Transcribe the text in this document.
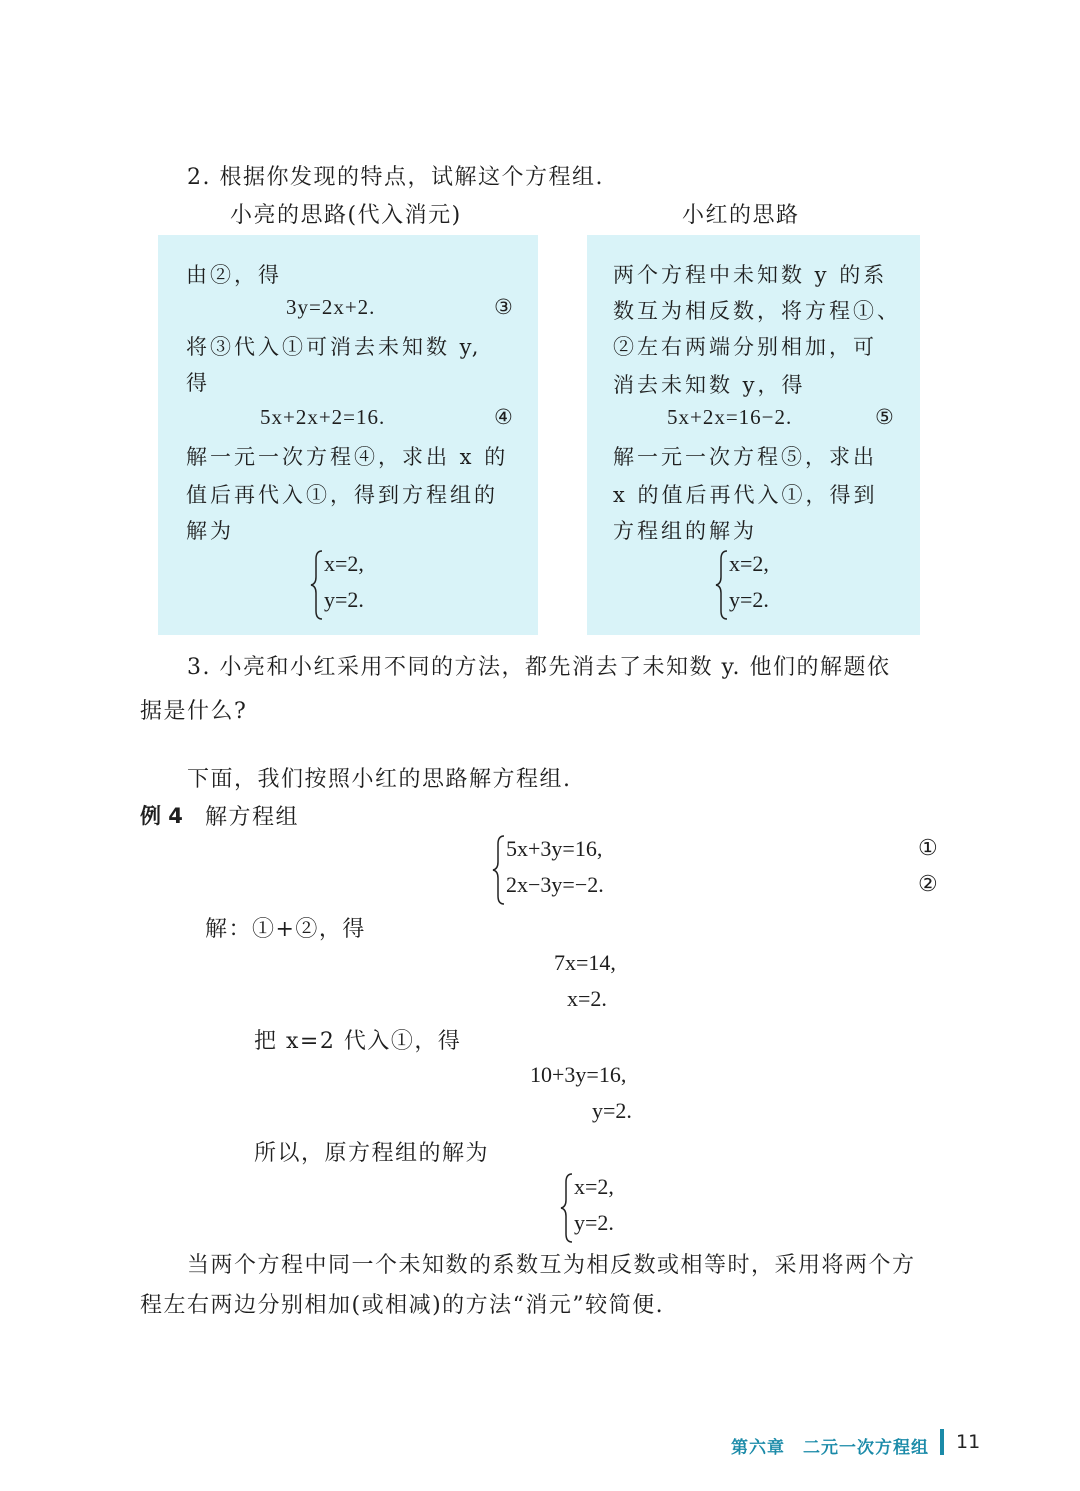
2. 根据你发现的特点，试解这个方程组.
小亮的思路(代入消元)	小红的思路
由②，得
3y=2x+2.	③
将③代入①可消去未知数 y,
得
5x+2x+2=16.	④
解一元一次方程④，求出 x 的
值后再代入①，得到方程组的
解为
x=2,
y=2.
两个方程中未知数 y 的系
数互为相反数，将方程①、
②左右两端分别相加，可
消去未知数 y，得
5x+2x=16−2.	⑤
解一元一次方程⑤，求出
x 的值后再代入①，得到
方程组的解为
x=2,
y=2.
3. 小亮和小红采用不同的方法，都先消去了未知数 y. 他们的解题依
据是什么?
下面，我们按照小红的思路解方程组.
例 4 解方程组
5x+3y=16,
2x−3y=−2.
①
②
解：①+②，得
7x=14,
x=2.
把 x=2 代入①，得
10+3y=16,
y=2.
所以，原方程组的解为
x=2,
y=2.
当两个方程中同一个未知数的系数互为相反数或相等时，采用将两个方
程左右两边分别相加(或相减)的方法“消元”较简便.
第六章　二元一次方程组 11
